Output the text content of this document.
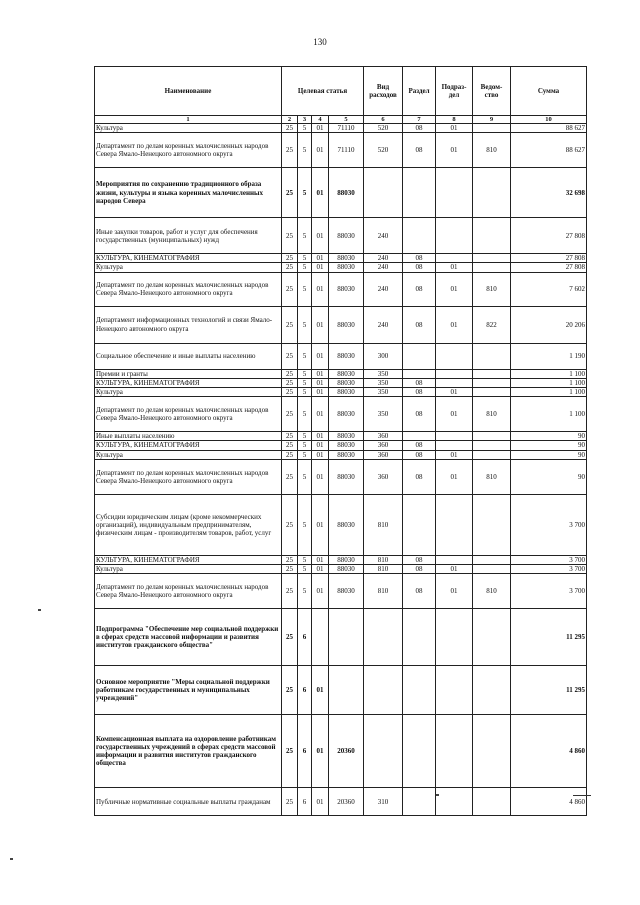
130
Наименование	Целевая статья				Вид расходов	Раздел	Подраз-дел	Ведом-ство	Сумма
1	2	3	4	5	6	7	8	9	10
Культура	25	5	01	71110	520	08	01		88 627
Департамент по делам коренных малочисленных народов Севера Ямало-Ненецкого автономного округа	25	5	01	71110	520	08	01	810	88 627
Мероприятия по сохранению традиционного образа жизни, культуры и языка коренных малочисленных народов Севера	25	5	01	88030					32 698
Иные закупки товаров, работ и услуг для обеспечения государственных (муниципальных) нужд	25	5	01	88030	240				27 808
КУЛЬТУРА, КИНЕМАТОГРАФИЯ	25	5	01	88030	240	08			27 808
Культура	25	5	01	88030	240	08	01		27 808
Департамент по делам коренных малочисленных народов Севера Ямало-Ненецкого автономного округа	25	5	01	88030	240	08	01	810	7 602
Департамент информационных технологий и связи Ямало-Ненецкого автономного округа	25	5	01	88030	240	08	01	822	20 206
Социальное обеспечение и иные выплаты населению	25	5	01	88030	300				1 190
Премии и гранты	25	5	01	88030	350				1 100
КУЛЬТУРА, КИНЕМАТОГРАФИЯ	25	5	01	88030	350	08			1 100
Культура	25	5	01	88030	350	08	01		1 100
Департамент по делам коренных малочисленных народов Севера Ямало-Ненецкого автономного округа	25	5	01	88030	350	08	01	810	1 100
Иные выплаты населению	25	5	01	88030	360				90
КУЛЬТУРА, КИНЕМАТОГРАФИЯ	25	5	01	88030	360	08			90
Культура	25	5	01	88030	360	08	01		90
Департамент по делам коренных малочисленных народов Севера Ямало-Ненецкого автономного округа	25	5	01	88030	360	08	01	810	90
Субсидии юридическим лицам (кроме некоммерческих организаций), индивидуальным предпринимателям, физическим лицам - производителям товаров, работ, услуг	25	5	01	88030	810				3 700
КУЛЬТУРА, КИНЕМАТОГРАФИЯ	25	5	01	88030	810	08			3 700
Культура	25	5	01	88030	810	08	01		3 700
Департамент по делам коренных малочисленных народов Севера Ямало-Ненецкого автономного округа	25	5	01	88030	810	08	01	810	3 700
Подпрограмма "Обеспечение мер социальной поддержки в сферах средств массовой информации и развития институтов гражданского общества"	25	6							11 295
Основное мероприятие "Меры социальной поддержки работникам государственных и муниципальных учреждений"	25	6	01						11 295
Компенсационная выплата на оздоровление работникам государственных учреждений в сферах средств массовой информации и развития институтов гражданского общества	25	6	01	20360					4 860
Публичные нормативные социальные выплаты гражданам	25	6	01	20360	310				4 860
